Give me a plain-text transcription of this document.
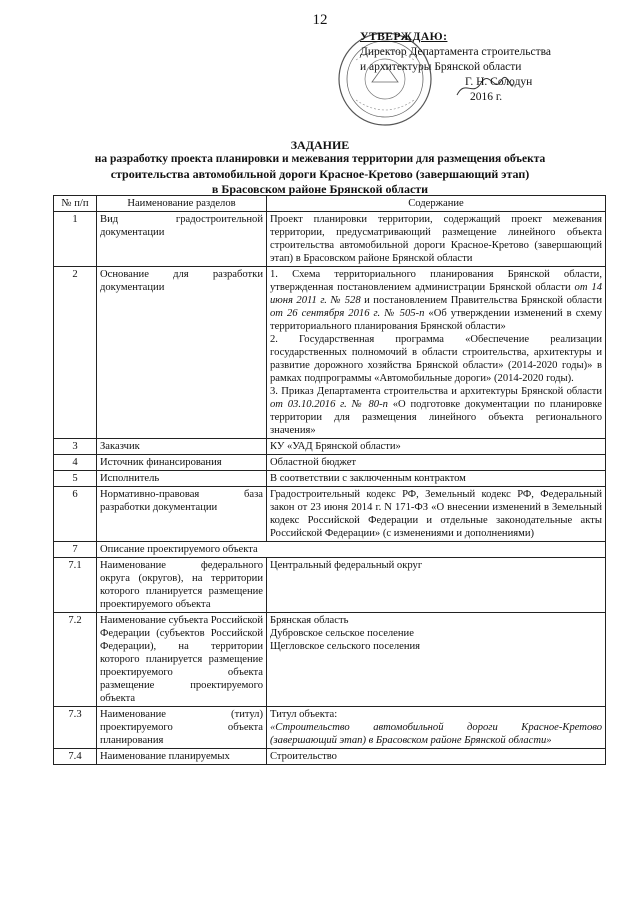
12
УТВЕРЖДАЮ:
Директор Департамента строительства
и архитектуры Брянской области
Г. Н. Солодун
2016 г.
ЗАДАНИЕ
на разработку проекта планировки и межевания территории для размещения объекта
строительства автомобильной дороги Красное-Кретово (завершающий этап)
в Брасовском районе Брянской области
№ п/п	Наименование разделов	Содержание
1	Вид градостроительной документации	Проект планировки территории, содержащий проект межевания территории, предусматривающий размещение линейного объекта строительства автомобильной дороги Красное-Кретово (завершающий этап) в Брасовском районе Брянской области
2	Основание для разработки документации	1. Схема территориального планирования Брянской области, утвержденная постановлением администрации Брянской области от 14 июня 2011 г. № 528 и постановлением Правительства Брянской области от 26 сентября 2016 г. № 505-п «Об утверждении изменений в схему территориального планирования Брянской области»

2. Государственная программа «Обеспечение реализации государственных полномочий в области строительства, архитектуры и развитие дорожного хозяйства Брянской области» (2014-2020 годы)» в рамках подпрограммы «Автомобильные дороги» (2014-2020 годы).

3. Приказ Департамента строительства и архитектуры Брянской области от 03.10.2016 г. № 80-п «О подготовке документации по планировке территории для размещения линейного объекта регионального значения»

3	Заказчик	КУ «УАД Брянской области»
4	Источник финансирования	Областной бюджет
5	Исполнитель	В соответствии с заключенным контрактом
6	Нормативно-правовая база разработки документации	Градостроительный кодекс РФ, Земельный кодекс РФ, Федеральный закон от 23 июня 2014 г. N 171-ФЗ «О внесении изменений в Земельный кодекс Российской Федерации и отдельные законодательные акты Российской Федерации» (с изменениями и дополнениями)
7	Описание проектируемого объекта	
7.1	Наименование федерального округа (округов), на территории которого планируется размещение проектируемого объекта	Центральный федеральный округ
7.2	Наименование субъекта Российской Федерации (субъектов Российской Федерации), на территории которого планируется размещение проектируемого объекта размещение проектируемого объекта	Брянская область
Дубровское сельское поселение
Щегловское сельского поселения

7.3	Наименование (титул) проектируемого объекта планирования	Титул объекта:
«Строительство автомобильной дороги Красное-Кретово (завершающий этап) в Брасовском районе Брянской области»

7.4	Наименование планируемых	Строительство
